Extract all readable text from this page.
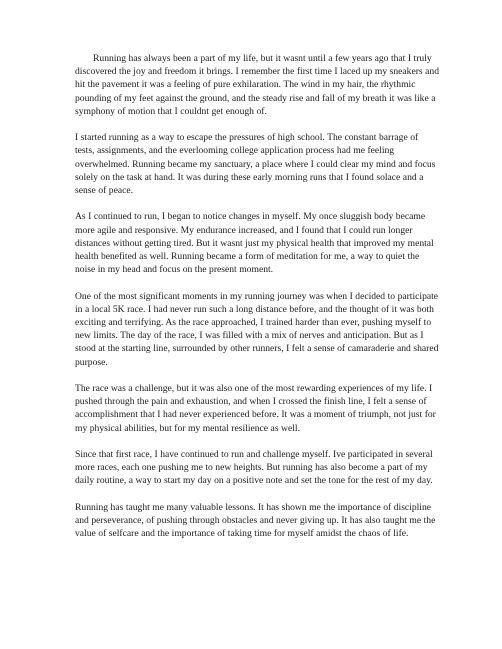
Running has always been a part of my life, but it wasnt until a few years ago that I truly discovered the joy and freedom it brings. I remember the first time I laced up my sneakers and hit the pavement it was a feeling of pure exhilaration. The wind in my hair, the rhythmic pounding of my feet against the ground, and the steady rise and fall of my breath it was like a symphony of motion that I couldnt get enough of.

I started running as a way to escape the pressures of high school. The constant barrage of tests, assignments, and the everlooming college application process had me feeling overwhelmed. Running became my sanctuary, a place where I could clear my mind and focus solely on the task at hand. It was during these early morning runs that I found solace and a sense of peace.

As I continued to run, I began to notice changes in myself. My once sluggish body became more agile and responsive. My endurance increased, and I found that I could run longer distances without getting tired. But it wasnt just my physical health that improved my mental health benefited as well. Running became a form of meditation for me, a way to quiet the noise in my head and focus on the present moment.

One of the most significant moments in my running journey was when I decided to participate in a local 5K race. I had never run such a long distance before, and the thought of it was both exciting and terrifying. As the race approached, I trained harder than ever, pushing myself to new limits. The day of the race, I was filled with a mix of nerves and anticipation. But as I stood at the starting line, surrounded by other runners, I felt a sense of camaraderie and shared purpose.

The race was a challenge, but it was also one of the most rewarding experiences of my life. I pushed through the pain and exhaustion, and when I crossed the finish line, I felt a sense of accomplishment that I had never experienced before. It was a moment of triumph, not just for my physical abilities, but for my mental resilience as well.

Since that first race, I have continued to run and challenge myself. Ive participated in several more races, each one pushing me to new heights. But running has also become a part of my daily routine, a way to start my day on a positive note and set the tone for the rest of my day.

Running has taught me many valuable lessons. It has shown me the importance of discipline and perseverance, of pushing through obstacles and never giving up. It has also taught me the value of selfcare and the importance of taking time for myself amidst the chaos of life.
